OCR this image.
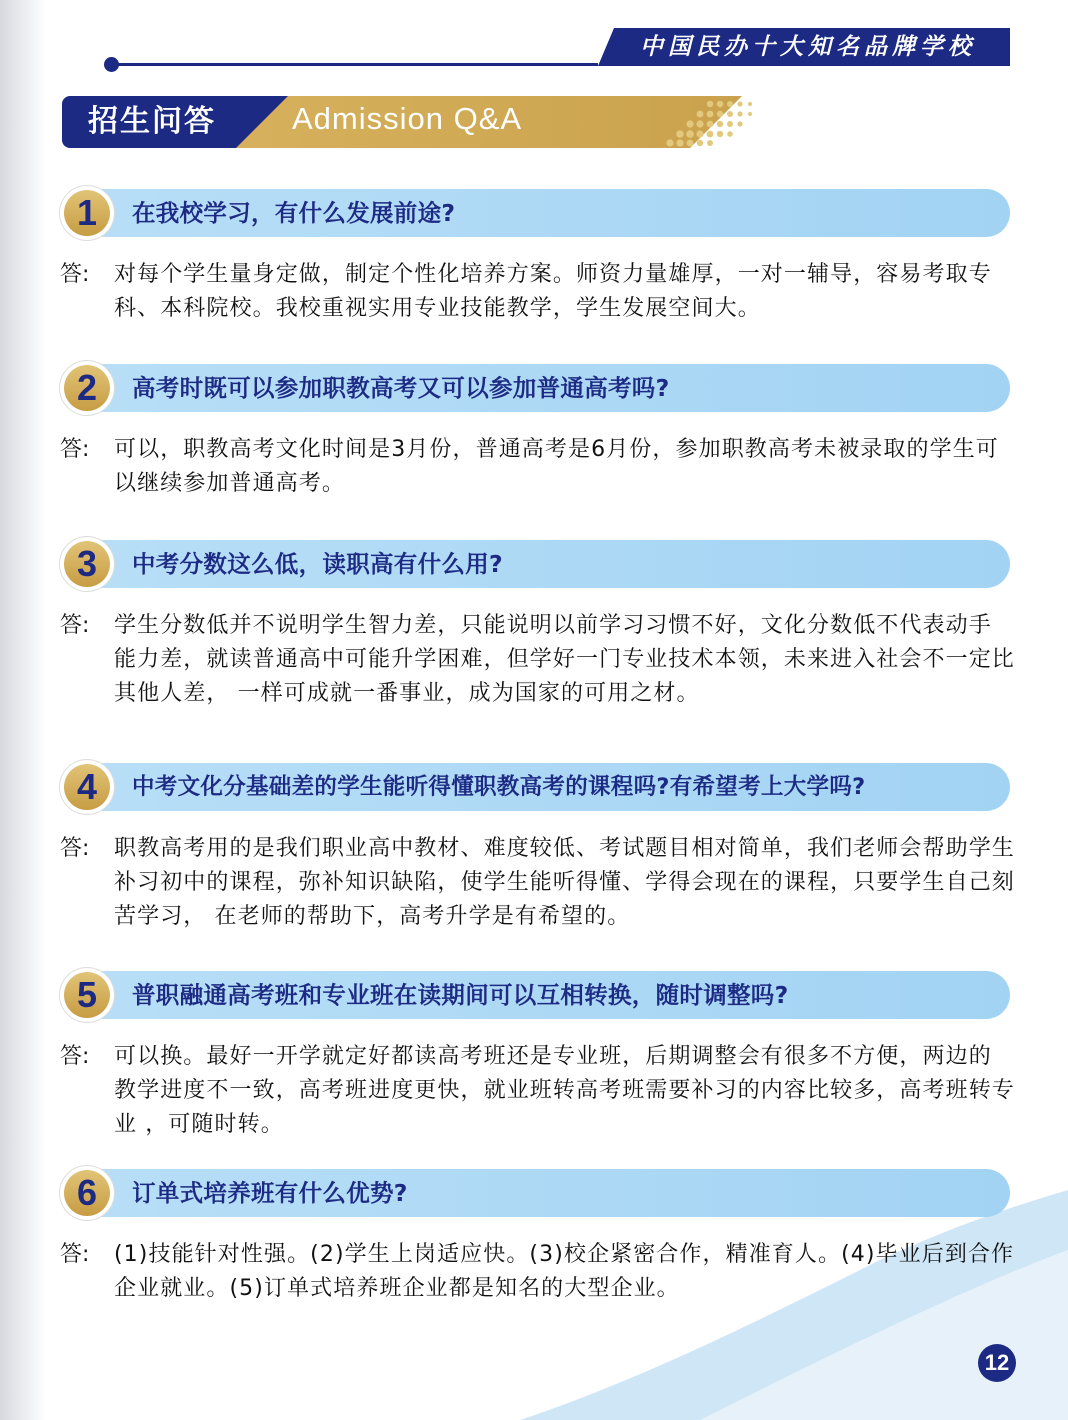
中国民办十大知名品牌学校
招生问答 Admission Q&A
1	在我校学习，有什么发展前途?
答:	对每个学生量身定做，制定个性化培养方案。师资力量雄厚，一对一辅导，容易考取专科、本科院校。我校重视实用专业技能教学，学生发展空间大。
2	高考时既可以参加职教高考又可以参加普通高考吗?
答:	可以，职教高考文化时间是3月份，普通高考是6月份，参加职教高考未被录取的学生可以继续参加普通高考。
3	中考分数这么低，读职高有什么用?
答:	学生分数低并不说明学生智力差，只能说明以前学习习惯不好，文化分数低不代表动手 能力差，就读普通高中可能升学困难，但学好一门专业技术本领，未来进入社会不一定比其他人差， 一样可成就一番事业，成为国家的可用之材。
4	中考文化分基础差的学生能听得懂职教高考的课程吗?有希望考上大学吗?
答:	职教高考用的是我们职业高中教材、难度较低、考试题目相对简单，我们老师会帮助学生补习初中的课程，弥补知识缺陷，使学生能听得懂、学得会现在的课程，只要学生自己刻苦学习， 在老师的帮助下，高考升学是有希望的。
5	普职融通高考班和专业班在读期间可以互相转换，随时调整吗?
答:	可以换。最好一开学就定好都读高考班还是专业班，后期调整会有很多不方便，两边的 教学进度不一致，高考班进度更快，就业班转高考班需要补习的内容比较多，高考班转专业 ，可随时转。
6	订单式培养班有什么优势?
答:	(1)技能针对性强。(2)学生上岗适应快。(3)校企紧密合作，精准育人。(4)毕业后到合作企业就业。(5)订单式培养班企业都是知名的大型企业。
12
